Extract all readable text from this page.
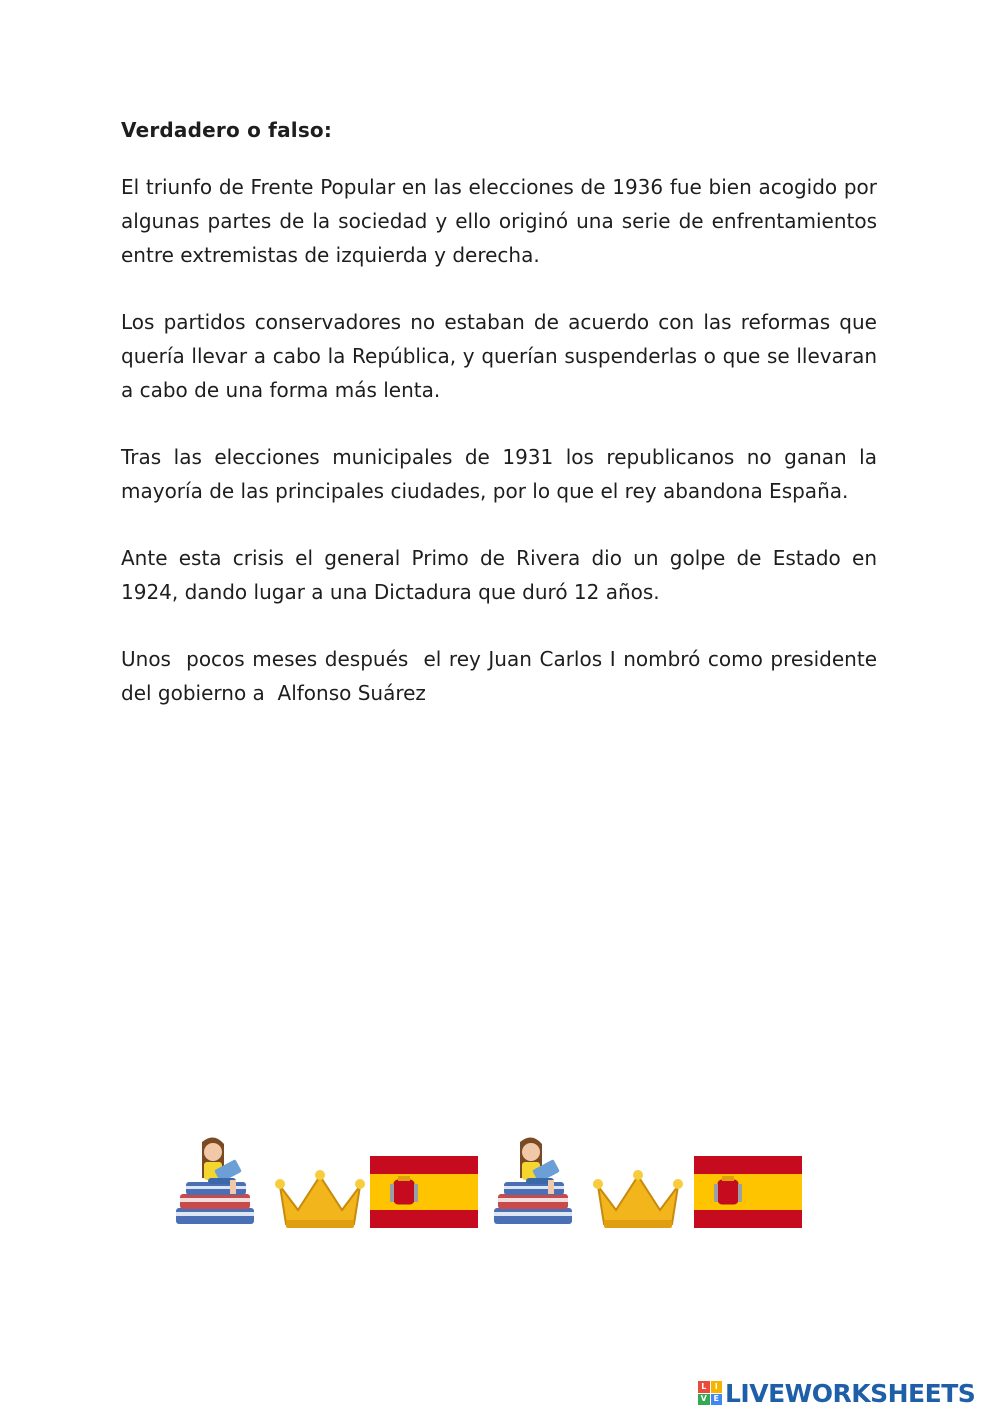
Verdadero o falso:

El triunfo de Frente Popular en las elecciones de 1936 fue bien acogido por algunas partes de la sociedad y ello originó una serie de enfrentamientos entre extremistas de izquierda y derecha.

Los partidos conservadores no estaban de acuerdo con las reformas que quería llevar a cabo la República, y querían suspenderlas o que se llevaran a cabo de una forma más lenta.

Tras las elecciones municipales de 1931 los republicanos no ganan la mayoría de las principales ciudades, por lo que el rey abandona España.

Ante esta crisis el general Primo de Rivera dio un golpe de Estado en 1924, dando lugar a una Dictadura que duró 12 años.

Unos  pocos meses después  el rey Juan Carlos I nombró como presidente del gobierno a  Alfonso Suárez

L	I
V E LIVEWORKSHEETS
